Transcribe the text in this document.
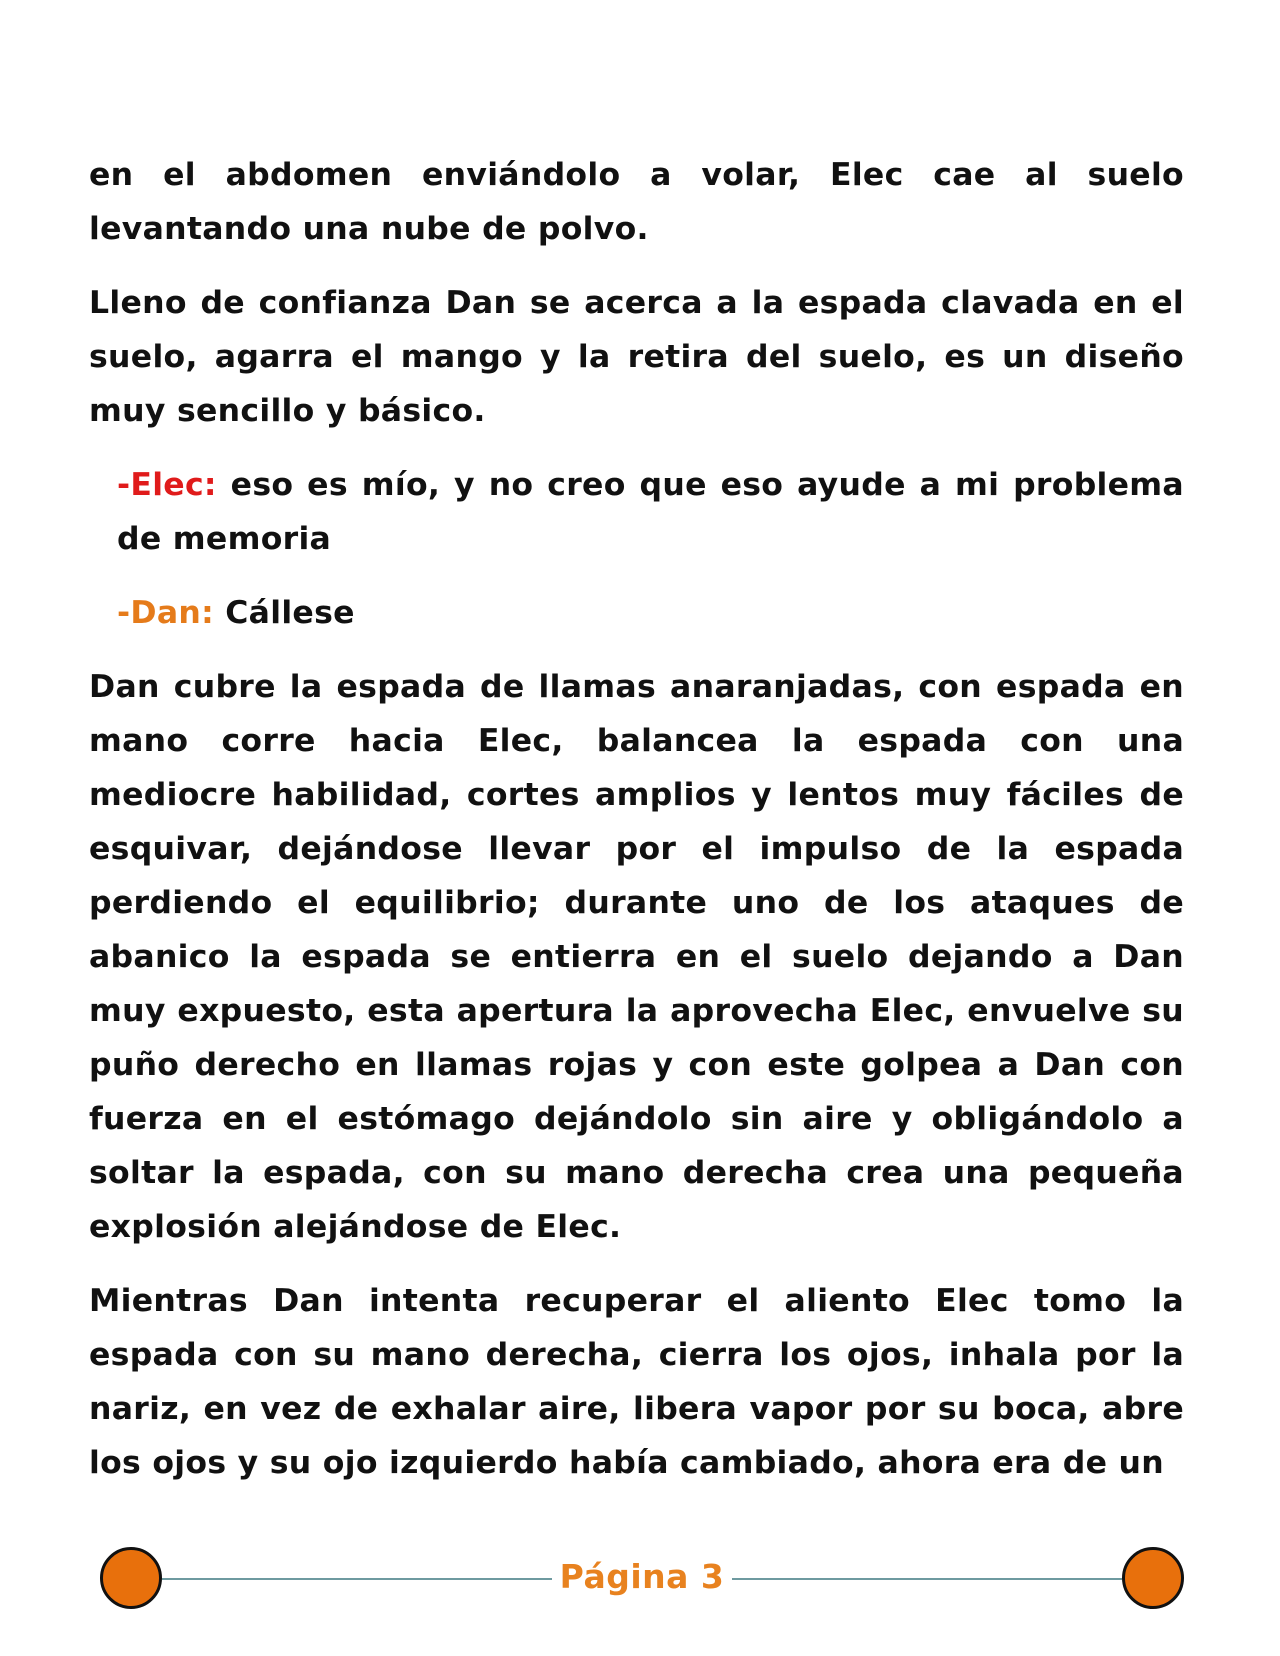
en el abdomen enviándolo a volar, Elec cae al suelo levantando una nube de polvo.

Lleno de confianza Dan se acerca a la espada clavada en el suelo, agarra el mango y la retira del suelo, es un diseño muy sencillo y básico.

-Elec: eso es mío, y no creo que eso ayude a mi problema de memoria

-Dan: Cállese

Dan cubre la espada de llamas anaranjadas, con espada en mano corre hacia Elec, balancea la espada con una mediocre habilidad, cortes amplios y lentos muy fáciles de esquivar, dejándose llevar por el impulso de la espada perdiendo el equilibrio; durante uno de los ataques de abanico la espada se entierra en el suelo dejando a Dan muy expuesto, esta apertura la aprovecha Elec, envuelve su puño derecho en llamas rojas y con este golpea a Dan con fuerza en el estómago dejándolo sin aire y obligándolo a soltar la espada, con su mano derecha crea una pequeña explosión alejándose de Elec.

Mientras Dan intenta recuperar el aliento Elec tomo la espada con su mano derecha, cierra los ojos, inhala por la nariz, en vez de exhalar aire, libera vapor por su boca, abre los ojos y su ojo izquierdo había cambiado, ahora era de un

Página 3
